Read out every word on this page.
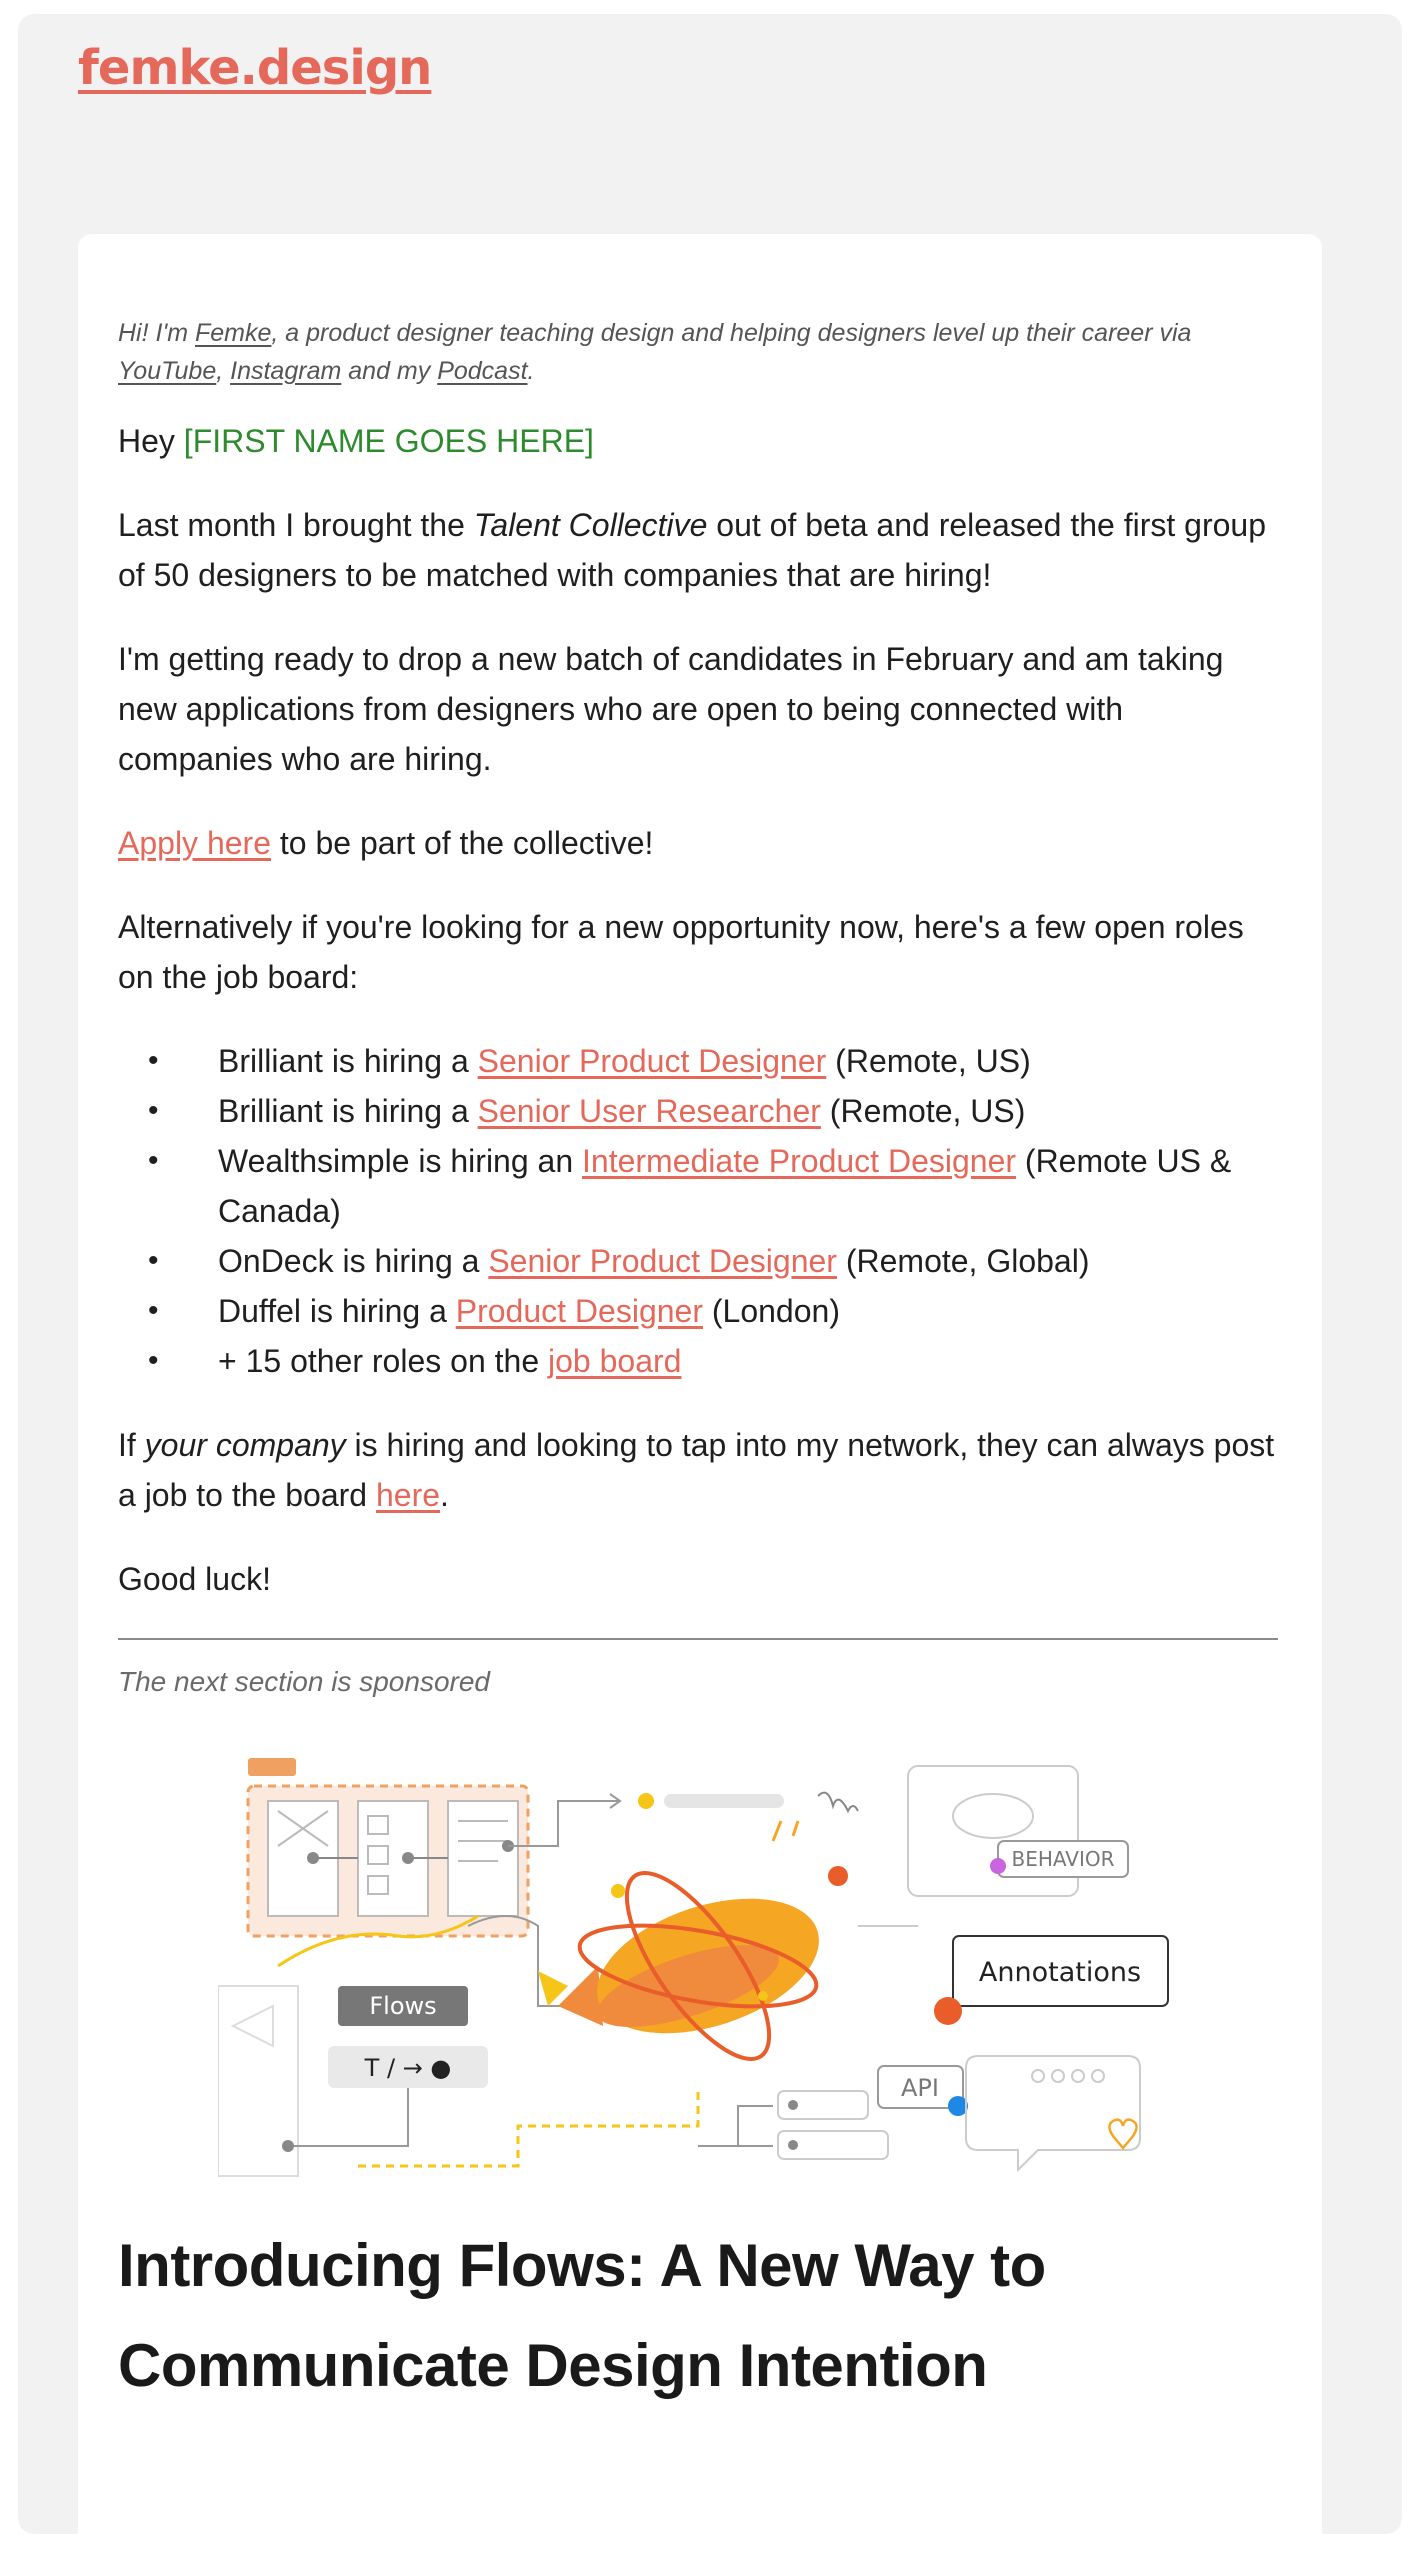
femke.design

Hi! I'm Femke, a product designer teaching design and helping designers level up their career via YouTube, Instagram and my Podcast.

Hey [FIRST NAME GOES HERE]

Last month I brought the Talent Collective out of beta and released the first group of 50 designers to be matched with companies that are hiring!

I'm getting ready to drop a new batch of candidates in February and am taking new applications from designers who are open to being connected with companies who are hiring.

Apply here to be part of the collective!

Alternatively if you're looking for a new opportunity now, here's a few open roles on the job board:

• Brilliant is hiring a Senior Product Designer (Remote, US)
• Brilliant is hiring a Senior User Researcher (Remote, US)
• Wealthsimple is hiring an Intermediate Product Designer (Remote US & Canada)
• OnDeck is hiring a Senior Product Designer (Remote, Global)
• Duffel is hiring a Product Designer (London)
• + 15 other roles on the job board

If your company is hiring and looking to tap into my network, they can always post a job to the board here.

Good luck!

The next section is sponsored
Flows
T / → ●
BEHAVIOR
Annotations
API
Introducing Flows: A New Way to Communicate Design Intention
